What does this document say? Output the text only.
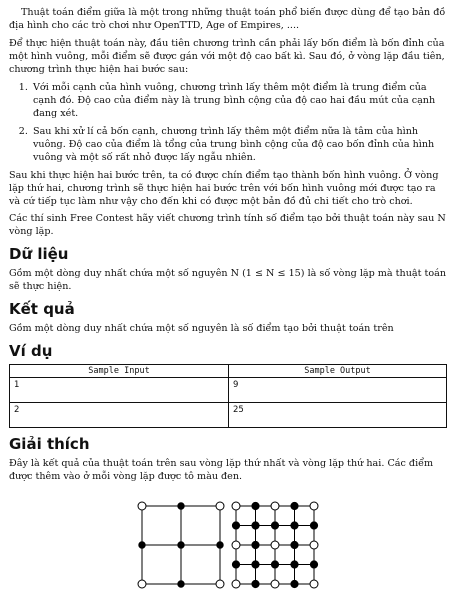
Thuật toán điểm giữa là một trong những thuật toán phổ biến được dùng để tạo bản đồ địa hình cho các trò chơi như OpenTTD, Age of Empires, ....

Để thực hiện thuật toán này, đầu tiên chương trình cần phải lấy bốn điểm là bốn đỉnh của một hình vuông, mỗi điểm sẽ được gán với một độ cao bất kì. Sau đó, ở vòng lặp đầu tiên, chương trình thực hiện hai bước sau:

1. Với mỗi cạnh của hình vuông, chương trình lấy thêm một điểm là trung điểm của cạnh đó. Độ cao của điểm này là trung bình cộng của độ cao hai đầu mút của cạnh đang xét.
2. Sau khi xử lí cả bốn cạnh, chương trình lấy thêm một điểm nữa là tâm của hình vuông. Độ cao của điểm là tổng của trung bình cộng của độ cao bốn đỉnh của hình vuông và một số rất nhỏ được lấy ngẫu nhiên.

Sau khi thực hiện hai bước trên, ta có được chín điểm tạo thành bốn hình vuông. Ở vòng lặp thứ hai, chương trình sẽ thực hiện hai bước trên với bốn hình vuông mới được tạo ra và cứ tiếp tục làm như vậy cho đến khi có được một bản đồ đủ chi tiết cho trò chơi.

Các thí sinh Free Contest hãy viết chương trình tính số điểm tạo bởi thuật toán này sau N vòng lặp.

Dữ liệu

Gồm một dòng duy nhất chứa một số nguyên N (1 ≤ N ≤ 15) là số vòng lặp mà thuật toán sẽ thực hiện.

Kết quả

Gồm một dòng duy nhất chứa một số nguyên là số điểm tạo bởi thuật toán trên

Ví dụ
Sample Input	Sample Output
1	9
2	25
Giải thích

Đây là kết quả của thuật toán trên sau vòng lặp thứ nhất và vòng lặp thứ hai. Các điểm được thêm vào ở mỗi vòng lặp được tô màu đen.
